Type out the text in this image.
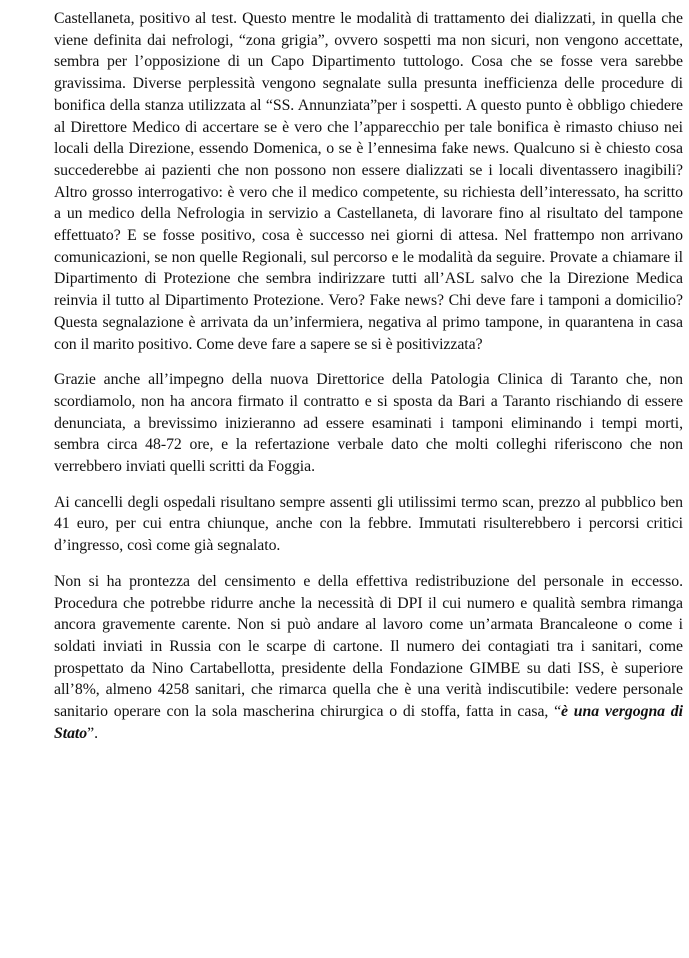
Castellaneta, positivo al test. Questo mentre le modalità di trattamento dei dializzati, in quella che viene definita dai nefrologi, “zona grigia”, ovvero sospetti ma non sicuri, non vengono accettate, sembra per l’opposizione di un Capo Dipartimento tuttologo. Cosa che se fosse vera sarebbe gravissima. Diverse perplessità vengono segnalate sulla presunta inefficienza delle procedure di bonifica della stanza utilizzata al “SS. Annunziata”per i sospetti. A questo punto è obbligo chiedere al Direttore Medico di accertare se è vero che l’apparecchio per tale bonifica è rimasto chiuso nei locali della Direzione, essendo Domenica, o se è l’ennesima fake news. Qualcuno si è chiesto cosa succederebbe ai pazienti che non possono non essere dializzati se i locali diventassero inagibili? Altro grosso interrogativo: è vero che il medico competente, su richiesta dell’interessato, ha scritto a un medico della Nefrologia in servizio a Castellaneta, di lavorare fino al risultato del tampone effettuato? E se fosse positivo, cosa è successo nei giorni di attesa. Nel frattempo non arrivano comunicazioni, se non quelle Regionali, sul percorso e le modalità da seguire. Provate a chiamare il Dipartimento di Protezione che sembra indirizzare tutti all’ASL salvo che la Direzione Medica reinvia il tutto al Dipartimento Protezione. Vero? Fake news? Chi deve fare i tamponi a domicilio? Questa segnalazione è arrivata da un’infermiera, negativa al primo tampone, in quarantena in casa con il marito positivo. Come deve fare a sapere se si è positivizzata?

Grazie anche all’impegno della nuova Direttorice della Patologia Clinica di Taranto che, non scordiamolo, non ha ancora firmato il contratto e si sposta da Bari a Taranto rischiando di essere denunciata, a brevissimo inizieranno ad essere esaminati i tamponi eliminando i tempi morti, sembra circa 48-72 ore, e la refertazione verbale dato che molti colleghi riferiscono che non verrebbero inviati quelli scritti da Foggia.

Ai cancelli degli ospedali risultano sempre assenti gli utilissimi termo scan, prezzo al pubblico ben 41 euro, per cui entra chiunque, anche con la febbre. Immutati risulterebbero i percorsi critici d’ingresso, così come già segnalato.

Non si ha prontezza del censimento e della effettiva redistribuzione del personale in eccesso. Procedura che potrebbe ridurre anche la necessità di DPI il cui numero e qualità sembra rimanga ancora gravemente carente. Non si può andare al lavoro come un’armata Brancaleone o come i soldati inviati in Russia con le scarpe di cartone. Il numero dei contagiati tra i sanitari, come prospettato da Nino Cartabellotta, presidente della Fondazione GIMBE su dati ISS, è superiore all’8%, almeno 4258 sanitari, che rimarca quella che è una verità indiscutibile: vedere personale sanitario operare con la sola mascherina chirurgica o di stoffa, fatta in casa, “è una vergogna di Stato”.
